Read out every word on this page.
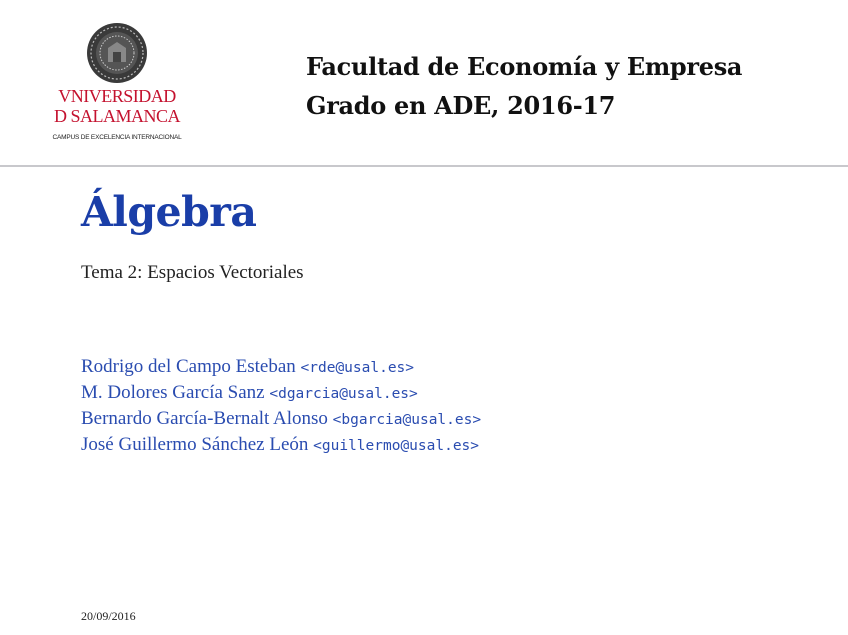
VNIVERSIDAD
D SALAMANCA
CAMPUS DE EXCELENCIA INTERNACIONAL
Facultad de Economía y Empresa
Grado en ADE, 2016-17
Álgebra
Tema 2: Espacios Vectoriales
Rodrigo del Campo Esteban <rde@usal.es>
M. Dolores García Sanz <dgarcia@usal.es>
Bernardo García-Bernalt Alonso <bgarcia@usal.es>
José Guillermo Sánchez León <guillermo@usal.es>
20/09/2016
